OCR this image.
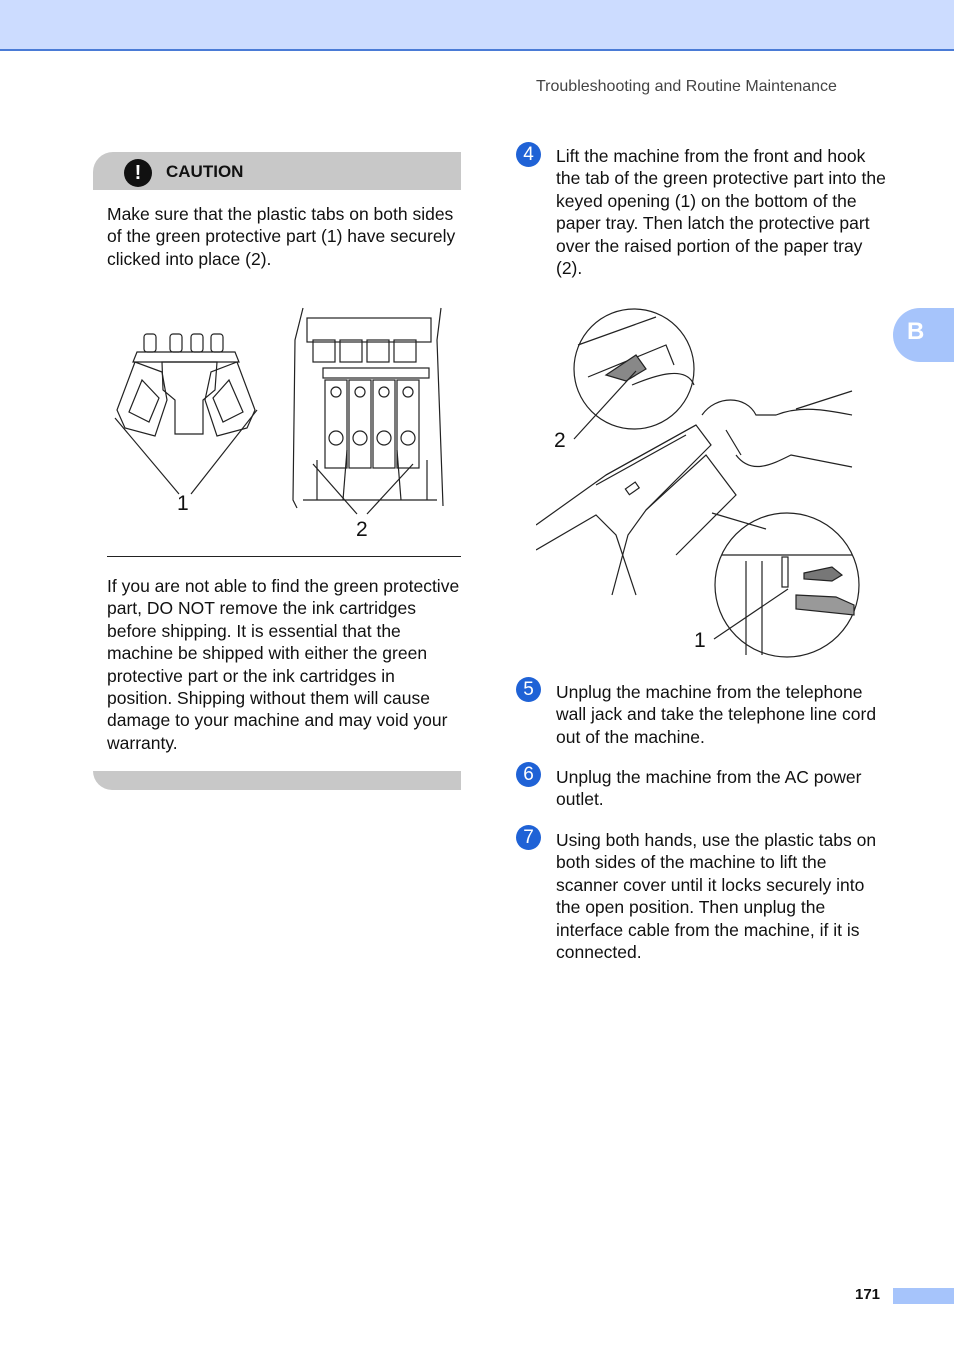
Troubleshooting and Routine Maintenance
B
!	CAUTION

Make sure that the plastic tabs on both sides of the green protective part (1) have securely clicked into place (2).

1
2

If you are not able to find the green protective part, DO NOT remove the ink cartridges before shipping. It is essential that the machine be shipped with either the green protective part or the ink cartridges in position. Shipping without them will cause damage to your machine and may void your warranty.

4	Lift the machine from the front and hook the tab of the green protective part into the keyed opening (1) on the bottom of the paper tray. Then latch the protective part over the raised portion of the paper tray (2).

2
1
5	Unplug the machine from the telephone wall jack and take the telephone line cord out of the machine.

6	Unplug the machine from the AC power outlet.

7	Using both hands, use the plastic tabs on both sides of the machine to lift the scanner cover until it locks securely into the open position. Then unplug the interface cable from the machine, if it is connected.

171
